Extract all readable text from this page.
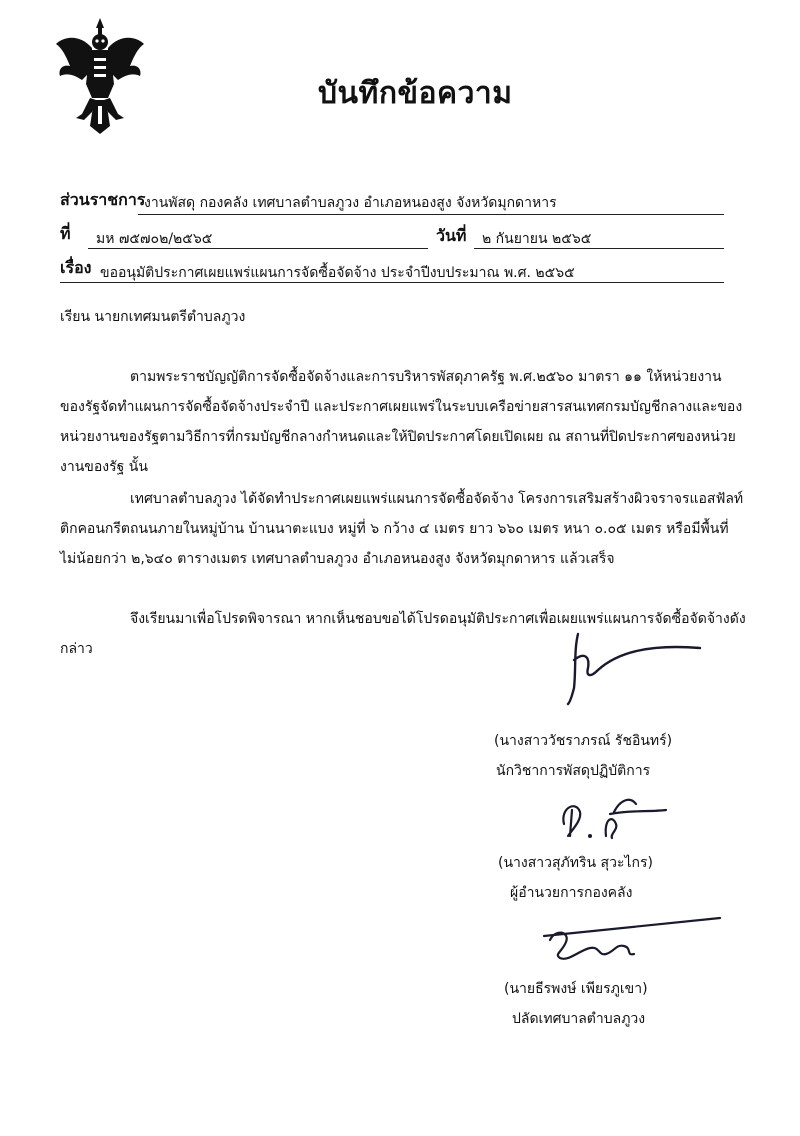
บันทึกข้อความ
ส่วนราชการ
งานพัสดุ กองคลัง เทศบาลตำบลภูวง อำเภอหนองสูง จังหวัดมุกดาหาร
ที่ มห ๗๕๗๐๒/๒๕๖๕	วันที่ ๒ กันยายน ๒๕๖๕
เรื่อง ขออนุมัติประกาศเผยแพร่แผนการจัดซื้อจัดจ้าง ประจำปีงบประมาณ พ.ศ. ๒๕๖๕
เรียน นายกเทศมนตรีตำบลภูวง
ตามพระราชบัญญัติการจัดซื้อจัดจ้างและการบริหารพัสดุภาครัฐ พ.ศ.๒๕๖๐ มาตรา ๑๑ ให้หน่วยงาน
ของรัฐจัดทำแผนการจัดซื้อจัดจ้างประจำปี และประกาศเผยแพร่ในระบบเครือข่ายสารสนเทศกรมบัญชีกลางและของ
หน่วยงานของรัฐตามวิธีการที่กรมบัญชีกลางกำหนดและให้ปิดประกาศโดยเปิดเผย ณ สถานที่ปิดประกาศของหน่วย
งานของรัฐ นั้น
เทศบาลตำบลภูวง ได้จัดทำประกาศเผยแพร่แผนการจัดซื้อจัดจ้าง โครงการเสริมสร้างผิวจราจรแอสฟัลท์
ติกคอนกรีตถนนภายในหมู่บ้าน บ้านนาตะแบง หมู่ที่ ๖ กว้าง ๔ เมตร ยาว ๖๖๐ เมตร หนา ๐.๐๕ เมตร หรือมีพื้นที่
ไม่น้อยกว่า ๒,๖๔๐ ตารางเมตร เทศบาลตำบลภูวง อำเภอหนองสูง จังหวัดมุกดาหาร แล้วเสร็จ
จึงเรียนมาเพื่อโปรดพิจารณา หากเห็นชอบขอได้โปรดอนุมัติประกาศเพื่อเผยแพร่แผนการจัดซื้อจัดจ้างดัง
กล่าว
(นางสาววัชราภรณ์ รัชอินทร์)
นักวิชาการพัสดุปฏิบัติการ
(นางสาวสุภัทริน สุวะไกร)
ผู้อำนวยการกองคลัง
(นายธีรพงษ์ เพียรภูเขา)
ปลัดเทศบาลตำบลภูวง
